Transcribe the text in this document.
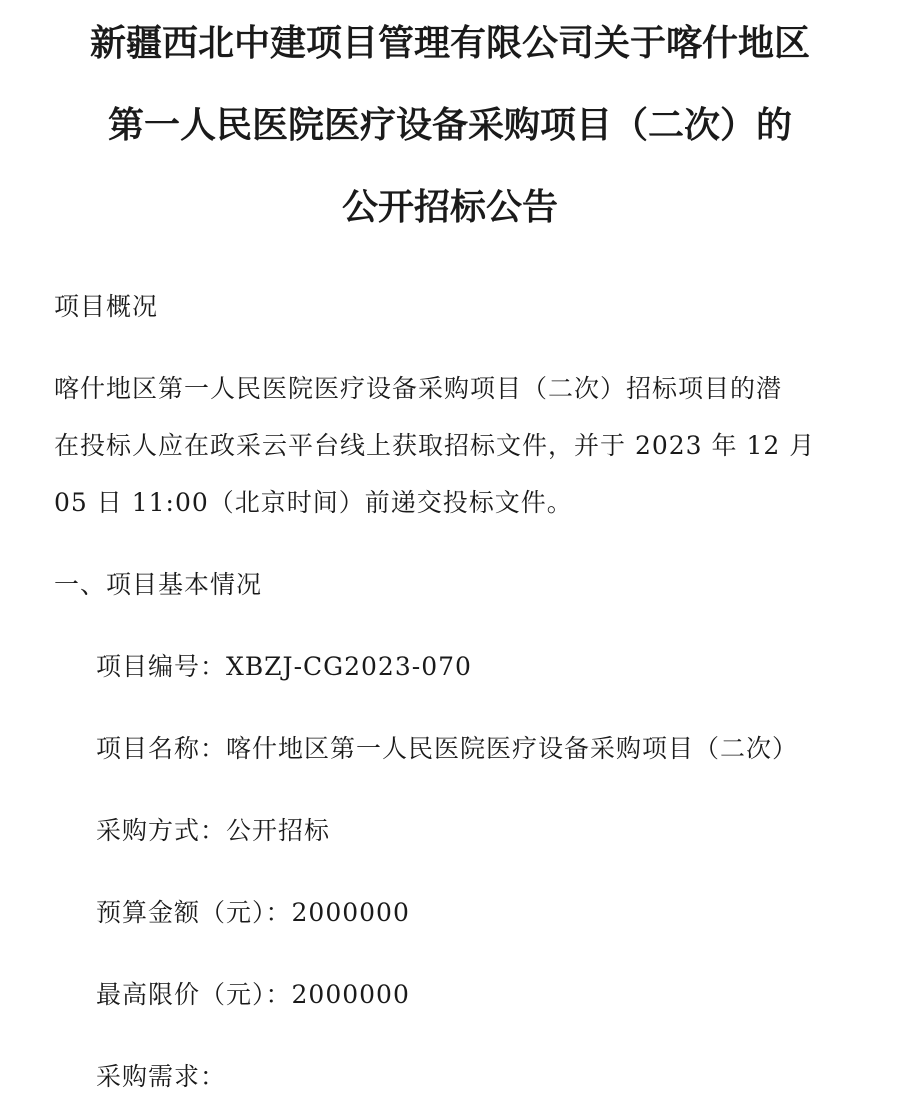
新疆西北中建项目管理有限公司关于喀什地区
第一人民医院医疗设备采购项目（二次）的
公开招标公告
项目概况
喀什地区第一人民医院医疗设备采购项目（二次）招标项目的潜
在投标人应在政采云平台线上获取招标文件，并于 2023 年 12 月
05 日 11:00（北京时间）前递交投标文件。
一、项目基本情况
项目编号：XBZJ-CG2023-070
项目名称：喀什地区第一人民医院医疗设备采购项目（二次）
采购方式：公开招标
预算金额（元）：2000000
最高限价（元）：2000000
采购需求：
